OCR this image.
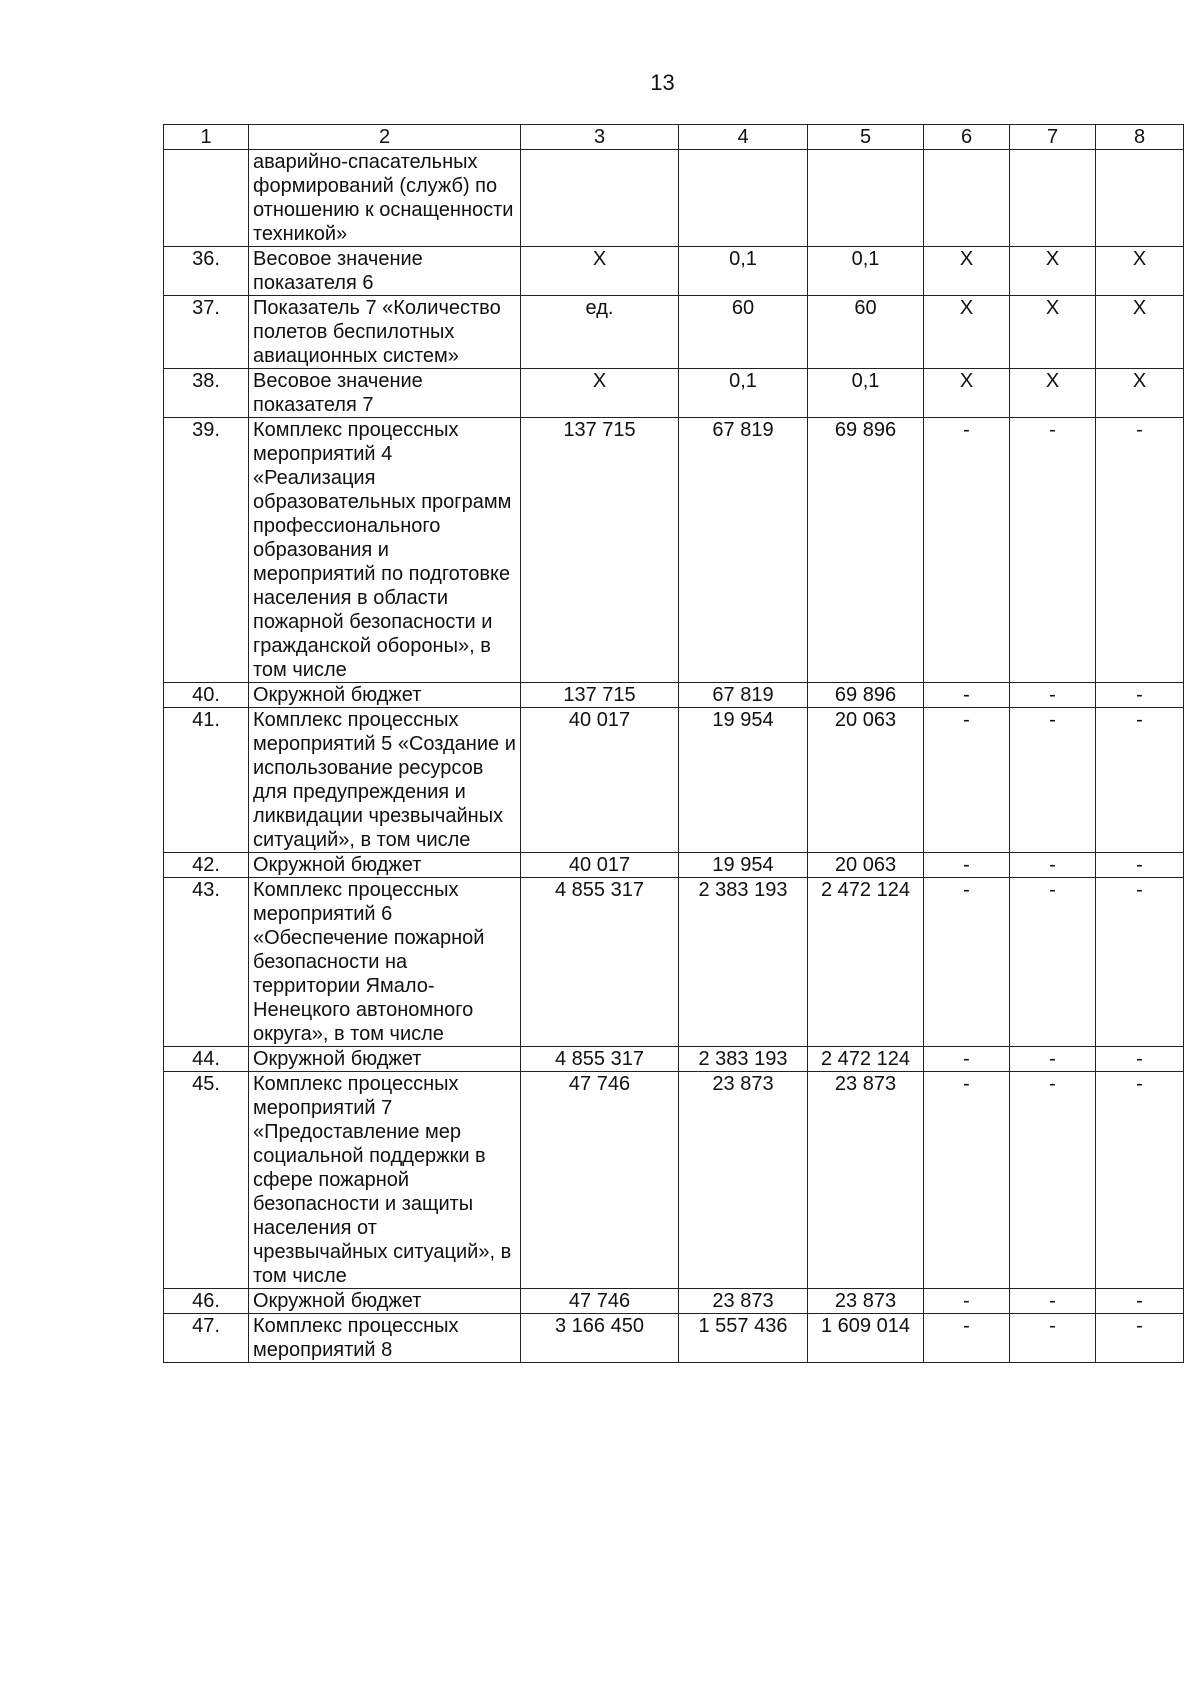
13
1	2	3	4	5	6	7	8
	аварийно-спасательных формирований (служб) по отношению к оснащенности техникой»						
36.	Весовое значение показателя 6	X	0,1	0,1	X	X	X
37.	Показатель 7 «Количество полетов беспилотных авиационных систем»	ед.	60	60	X	X	X
38.	Весовое значение показателя 7	X	0,1	0,1	X	X	X
39.	Комплекс процессных мероприятий 4 «Реализация образовательных программ профессионального образования и мероприятий по подготовке населения в области пожарной безопасности и гражданской обороны», в том числе	137 715	67 819	69 896	-	-	-
40.	Окружной бюджет	137 715	67 819	69 896	-	-	-
41.	Комплекс процессных мероприятий 5 «Создание и использование ресурсов для предупреждения и ликвидации чрезвычайных ситуаций», в том числе	40 017	19 954	20 063	-	-	-
42.	Окружной бюджет	40 017	19 954	20 063	-	-	-
43.	Комплекс процессных мероприятий 6 «Обеспечение пожарной безопасности на территории Ямало-Ненецкого автономного округа», в том числе	4 855 317	2 383 193	2 472 124	-	-	-
44.	Окружной бюджет	4 855 317	2 383 193	2 472 124	-	-	-
45.	Комплекс процессных мероприятий 7 «Предоставление мер социальной поддержки в сфере пожарной безопасности и защиты населения от чрезвычайных ситуаций», в том числе	47 746	23 873	23 873	-	-	-
46.	Окружной бюджет	47 746	23 873	23 873	-	-	-
47.	Комплекс процессных мероприятий 8	3 166 450	1 557 436	1 609 014	-	-	-
